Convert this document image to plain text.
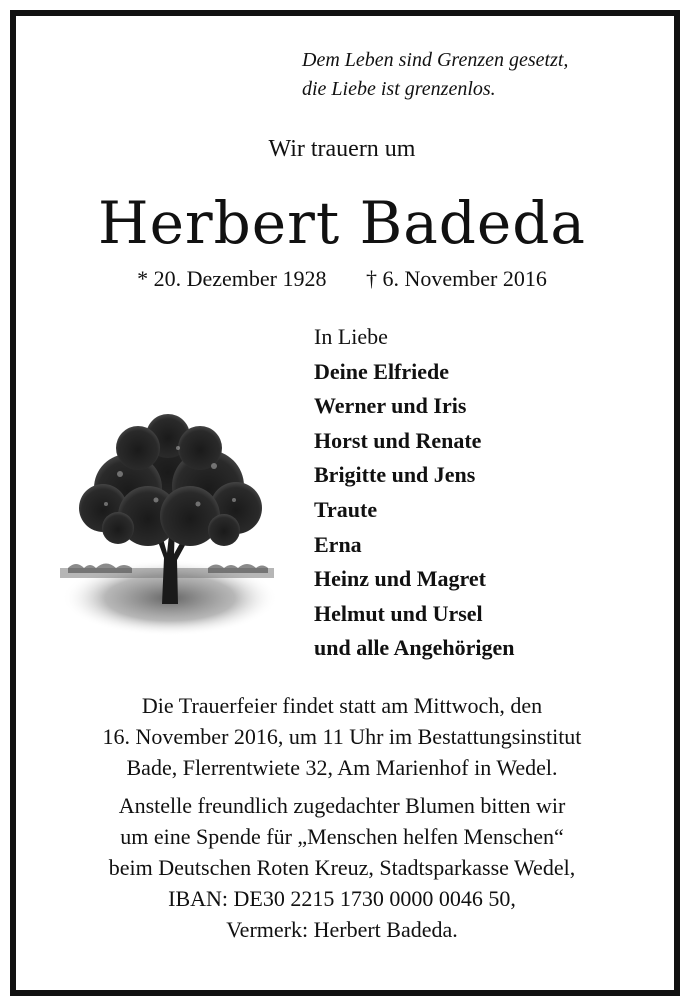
Dem Leben sind Grenzen gesetzt,
die Liebe ist grenzenlos.
Wir trauern um
Herbert Badeda
* 20. Dezember 1928 † 6. November 2016
In Liebe
Deine Elfriede
Werner und Iris
Horst und Renate
Brigitte und Jens
Traute
Erna
Heinz und Magret
Helmut und Ursel
und alle Angehörigen
Die Trauerfeier findet statt am Mittwoch, den
16. November 2016, um 11 Uhr im Bestattungsinstitut
Bade, Flerrentwiete 32, Am Marienhof in Wedel.
Anstelle freundlich zugedachter Blumen bitten wir
um eine Spende für „Menschen helfen Menschen“
beim Deutschen Roten Kreuz, Stadtsparkasse Wedel,
IBAN: DE30 2215 1730 0000 0046 50,
Vermerk: Herbert Badeda.
